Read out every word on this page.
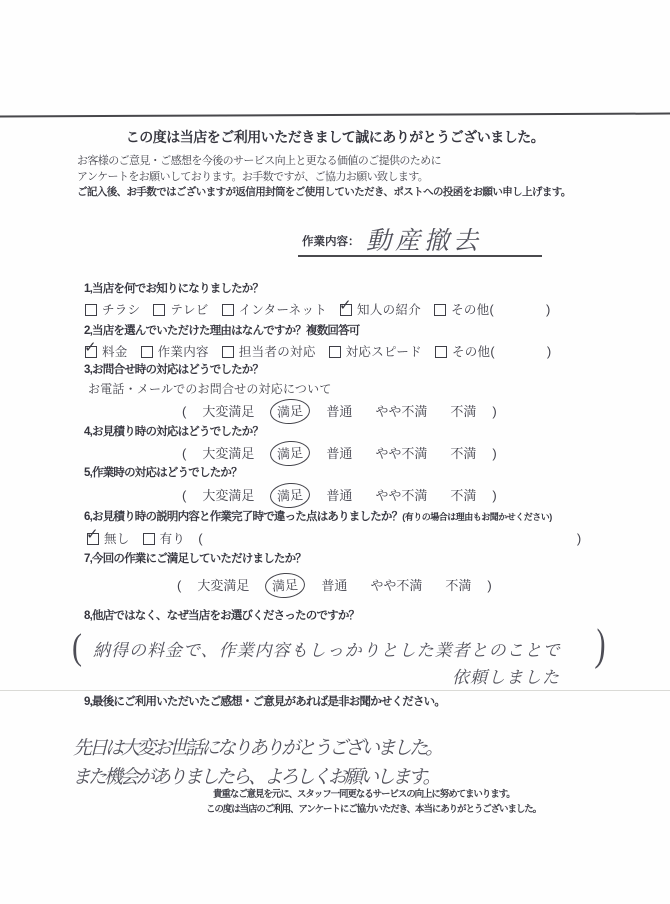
この度は当店をご利用いただきまして誠にありがとうございました。
お客様のご意見・ご感想を今後のサービス向上と更なる価値のご提供のために
アンケートをお願いしております。お手数ですが、ご協力お願い致します。
ご記入後、お手数ではございますが返信用封筒をご使用していただき、ポストへの投函をお願い申し上げます。
作業内容： 動産撤去
1,当店を何でお知りになりましたか？
チラシ テレビ インターネット ✓ 知人の紹介 その他(	)
2,当店を選んでいただけた理由はなんですか？複数回答可
✓
料金 作業内容 担当者の対応 対応スピード その他(	)
3,お問合せ時の対応はどうでしたか？
お電話・メールでのお問合せの対応について
(	大変満足	満足	普通	やや不満	不満	)
4,お見積り時の対応はどうでしたか？
(	大変満足	満足	普通	やや不満	不満	)
5,作業時の対応はどうでしたか？
(	大変満足	満足	普通	やや不満	不満	)
6,お見積り時の説明内容と作業完了時で違った点はありましたか？(有りの場合は理由もお聞かせください)
✓
無し 有り (	)
7,今回の作業にご満足していただけましたか？
(	大変満足	満足	普通	やや不満	不満	)
8,他店ではなく、なぜ当店をお選びくださったのですか？
( 納得の料金で、作業内容もしっかりとした業者とのことで
依頼しました
)
9,最後にご利用いただいたご感想・ご意見があれば是非お聞かせください。
先日は大変お世話になりありがとうございました。
また機会がありましたら、よろしくお願いします。
貴重なご意見を元に、スタッフ一同更なるサービスの向上に努めてまいります。
この度は当店のご利用、アンケートにご協力いただき、本当にありがとうございました。
